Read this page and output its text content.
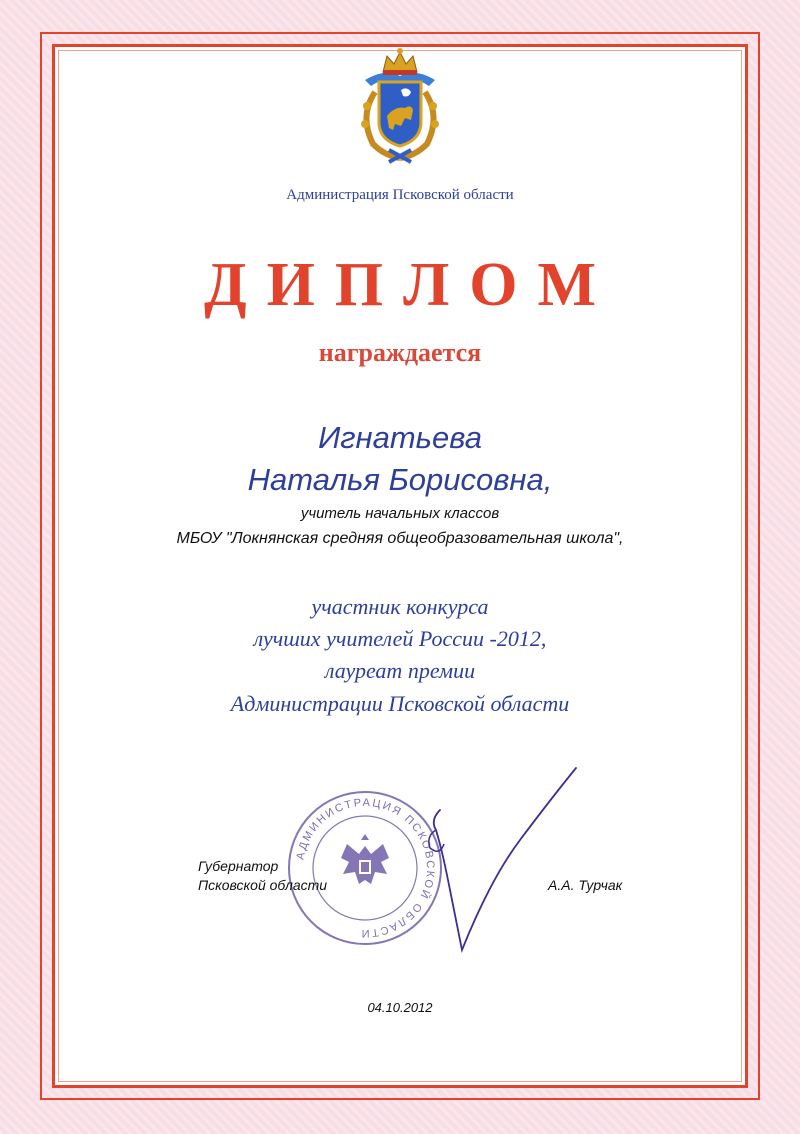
Администрация Псковской области
ДИПЛОМ
награждается
Игнатьева
Наталья Борисовна,
учитель начальных классов
МБОУ "Локнянская средняя общеобразовательная школа",
участник конкурса
лучших учителей России -2012,
лауреат премии
Администрации Псковской области
АДМИНИСТРАЦИЯ ПСКОВСКОЙ ОБЛАСТИ
Губернатор
Псковской области	А.А. Турчак
04.10.2012
